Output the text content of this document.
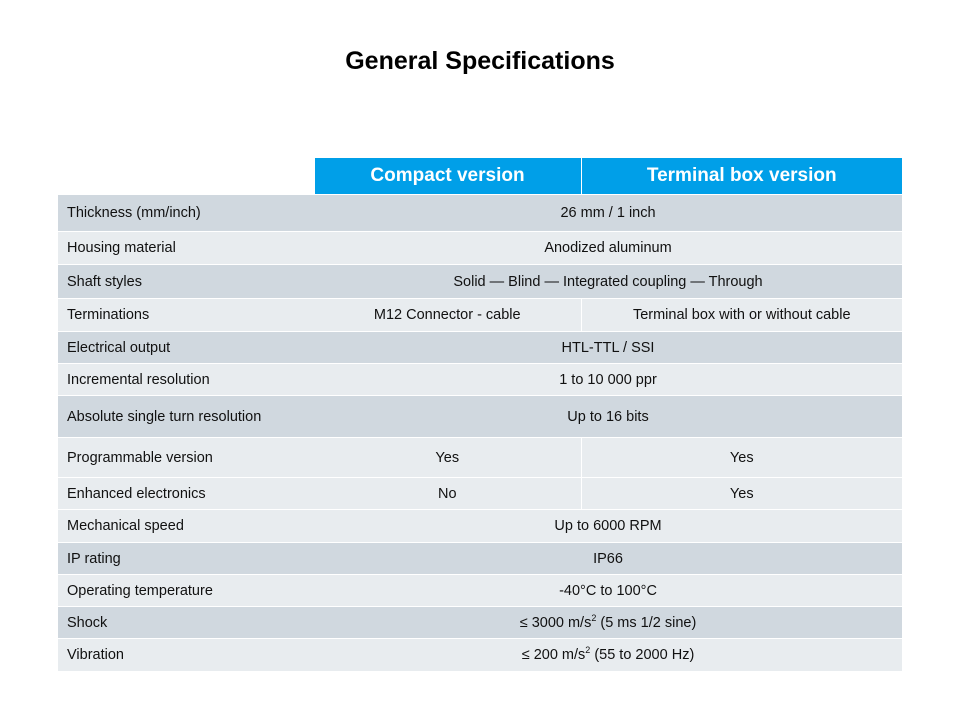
General Specifications
	Compact version	Terminal box version
Thickness (mm/inch)	26 mm / 1 inch	
Housing material	Anodized aluminum	
Shaft styles	Solid — Blind — Integrated coupling — Through	
Terminations	M12 Connector - cable	Terminal box with or without cable
Electrical output	HTL-TTL / SSI	
Incremental resolution	1 to 10 000 ppr	
Absolute single turn resolution	Up to 16 bits	
Programmable version	Yes	Yes
Enhanced electronics	No	Yes
Mechanical speed	Up to 6000 RPM	
IP rating	IP66	
Operating temperature	-40°C to 100°C	
Shock	≤ 3000 $m/s^2$ (5 ms 1/2 sine)	
Vibration	≤ 200 $m/s^2$ (55 to 2000 Hz)	
